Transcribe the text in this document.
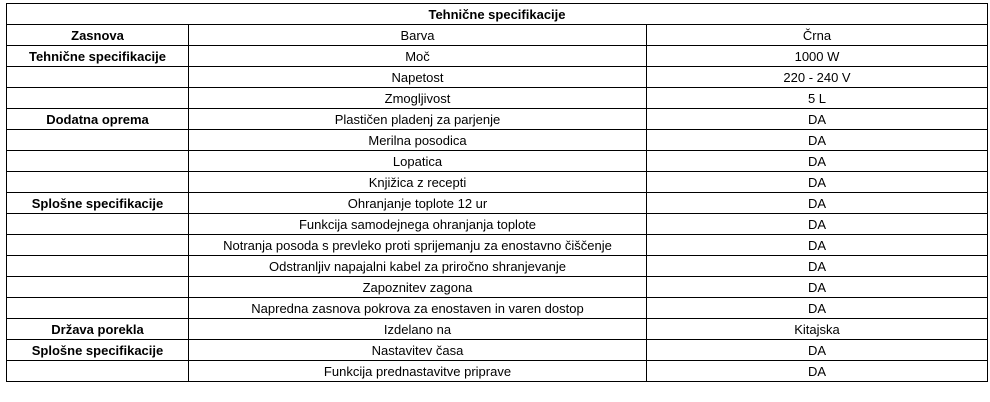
Tehnične specifikacije		
Zasnova	Barva	Črna
Tehnične specifikacije	Moč	1000 W
	Napetost	220 - 240 V
	Zmogljivost	5 L
Dodatna oprema	Plastičen pladenj za parjenje	DA
	Merilna posodica	DA
	Lopatica	DA
	Knjižica z recepti	DA
Splošne specifikacije	Ohranjanje toplote 12 ur	DA
	Funkcija samodejnega ohranjanja toplote	DA
	Notranja posoda s prevleko proti sprijemanju za enostavno čiščenje	DA
	Odstranljiv napajalni kabel za priročno shranjevanje	DA
	Zapoznitev zagona	DA
	Napredna zasnova pokrova za enostaven in varen dostop	DA
Država porekla	Izdelano na	Kitajska
Splošne specifikacije	Nastavitev časa	DA
	Funkcija prednastavitve priprave	DA
